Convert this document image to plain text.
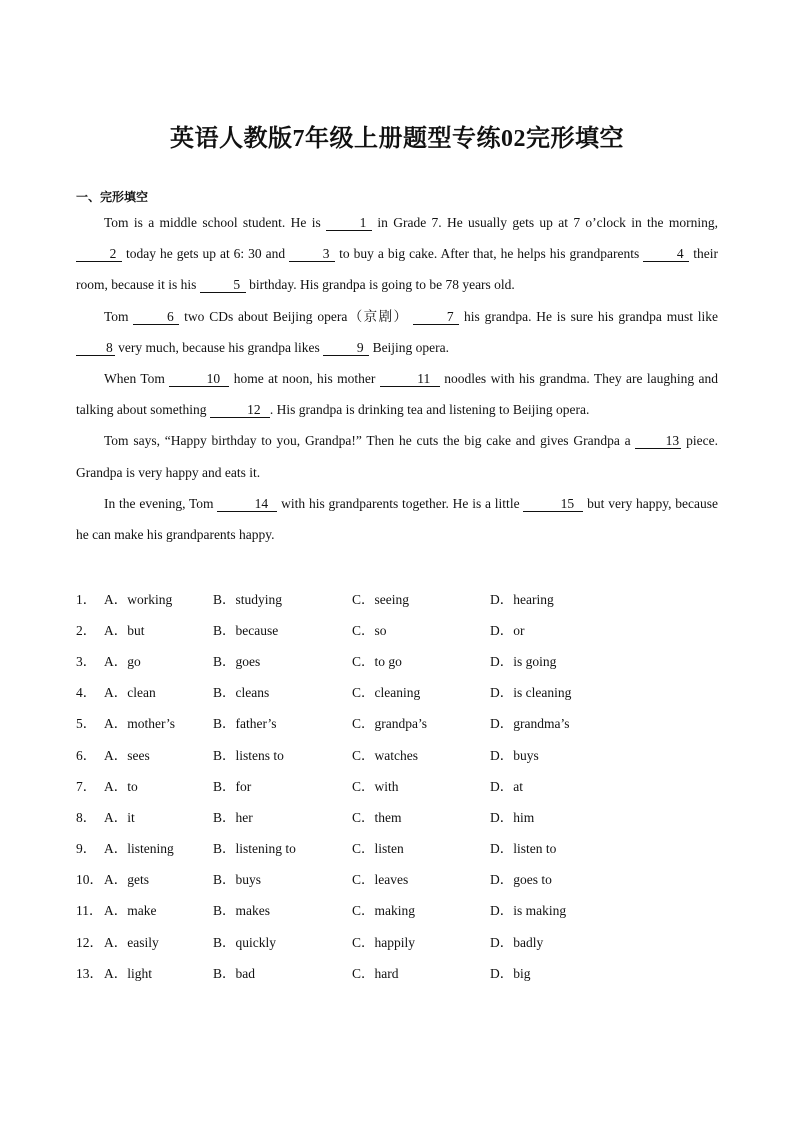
英语人教版7年级上册题型专练02完形填空
一、完形填空

Tom is a middle school student. He is 1 in Grade 7. He usually gets up at 7 o’clock in the morning, 2 today he gets up at 6: 30 and 3 to buy a big cake. After that, he helps his grandparents 4 their room, because it is his 5 birthday. His grandpa is going to be 78 years old.

Tom 6 two CDs about Beijing opera（京剧） 7 his grandpa. He is sure his grandpa must like 8 very much, because his grandpa likes 9 Beijing opera.

When Tom	10 home at noon, his mother	11 noodles with his grandma. They are laughing and talking about something	12 . His grandpa is drinking tea and listening to Beijing opera.

Tom says, “Happy birthday to you, Grandpa!” Then he cuts the big cake and gives Grandpa a 13 piece. Grandpa is very happy and eats it.

In the evening, Tom	14 with his grandparents together. He is a little	15 but very happy, because he can make his grandparents happy.

1． A．working	B．studying	C．seeing	D．hearing
2． A．but	B．because	C．so	D．or
3． A．go	B．goes	C．to go	D．is going
4． A．clean	B．cleans	C．cleaning	D．is cleaning
5． A．mother’s	B．father’s	C．grandpa’s	D．grandma’s
6． A．sees	B．listens to	C．watches	D．buys
7． A．to	B．for	C．with	D．at
8． A．it	B．her	C．them	D．him
9． A．listening	B．listening to	C．listen	D．listen to
10． A．gets	B．buys	C．leaves	D．goes to
11． A．make	B．makes	C．making	D．is making
12． A．easily	B．quickly	C．happily	D．badly
13． A．light	B．bad	C．hard	D．big
